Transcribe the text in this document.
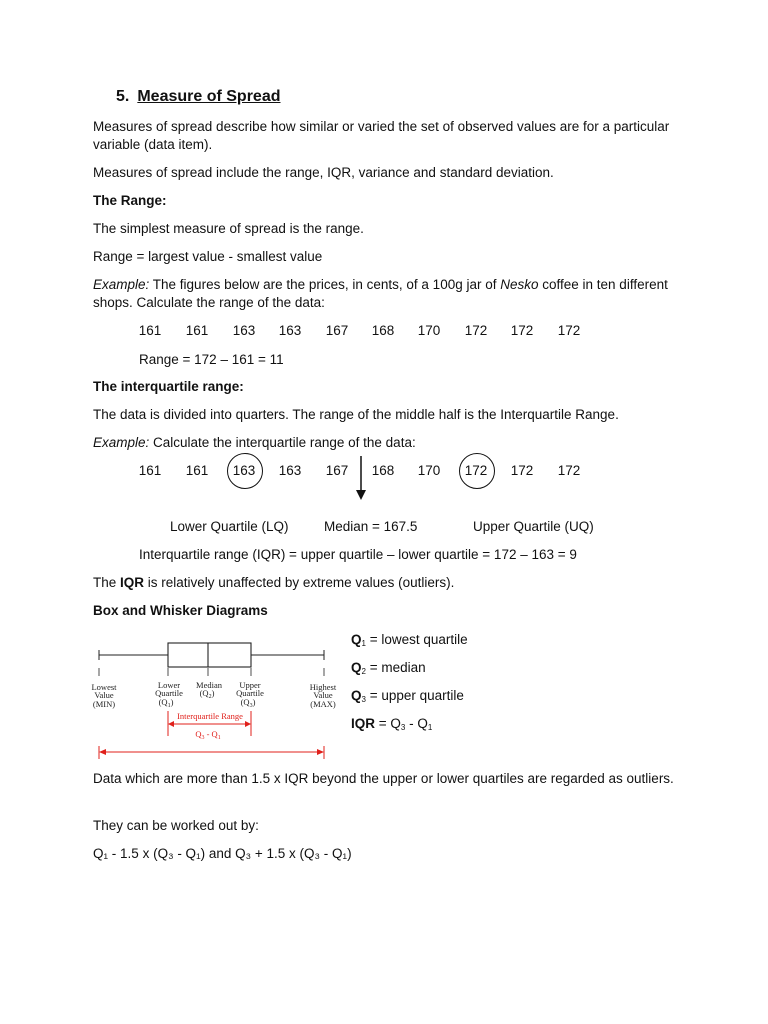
5. Measure of Spread

Measures of spread describe how similar or varied the set of observed values are for a particular variable (data item).

Measures of spread include the range, IQR, variance and standard deviation.

The Range:

The simplest measure of spread is the range.

Range = largest value - smallest value

Example: The figures below are the prices, in cents, of a 100g jar of Nesko coffee in ten different shops. Calculate the range of the data:

161	161	163	163	167	168	170	172	172	172
Range = 172 – 161 = 11

The interquartile range:

The data is divided into quarters. The range of the middle half is the Interquartile Range.

Example: Calculate the interquartile range of the data:

161	161	163	163	167	168	170	172	172	172
Lower Quartile (LQ)	Median = 167.5	Upper Quartile (UQ)
Interquartile range (IQR) = upper quartile – lower quartile = 172 – 163 = 9

The IQR is relatively unaffected by extreme values (outliers).

Box and Whisker Diagrams

Lowest
Value
(MIN)
Lower
Quartile
$(Q_1)$
Median
$(Q_2)$
Upper
Quartile
$(Q_3)$
Highest
Value
(MAX)
Interquartile Range
$Q_3 - Q_1$
$Q_1$ = lowest quartile
$Q_2$ = median
$Q_3$ = upper quartile
IQR = $Q_3 - Q_1$

Data which are more than 1.5 x IQR beyond the upper or lower quartiles are regarded as outliers.

They can be worked out by:

Q₁ - 1.5 x (Q₃ - Q₁) and Q₃ + 1.5 x (Q₃ - Q₁)
